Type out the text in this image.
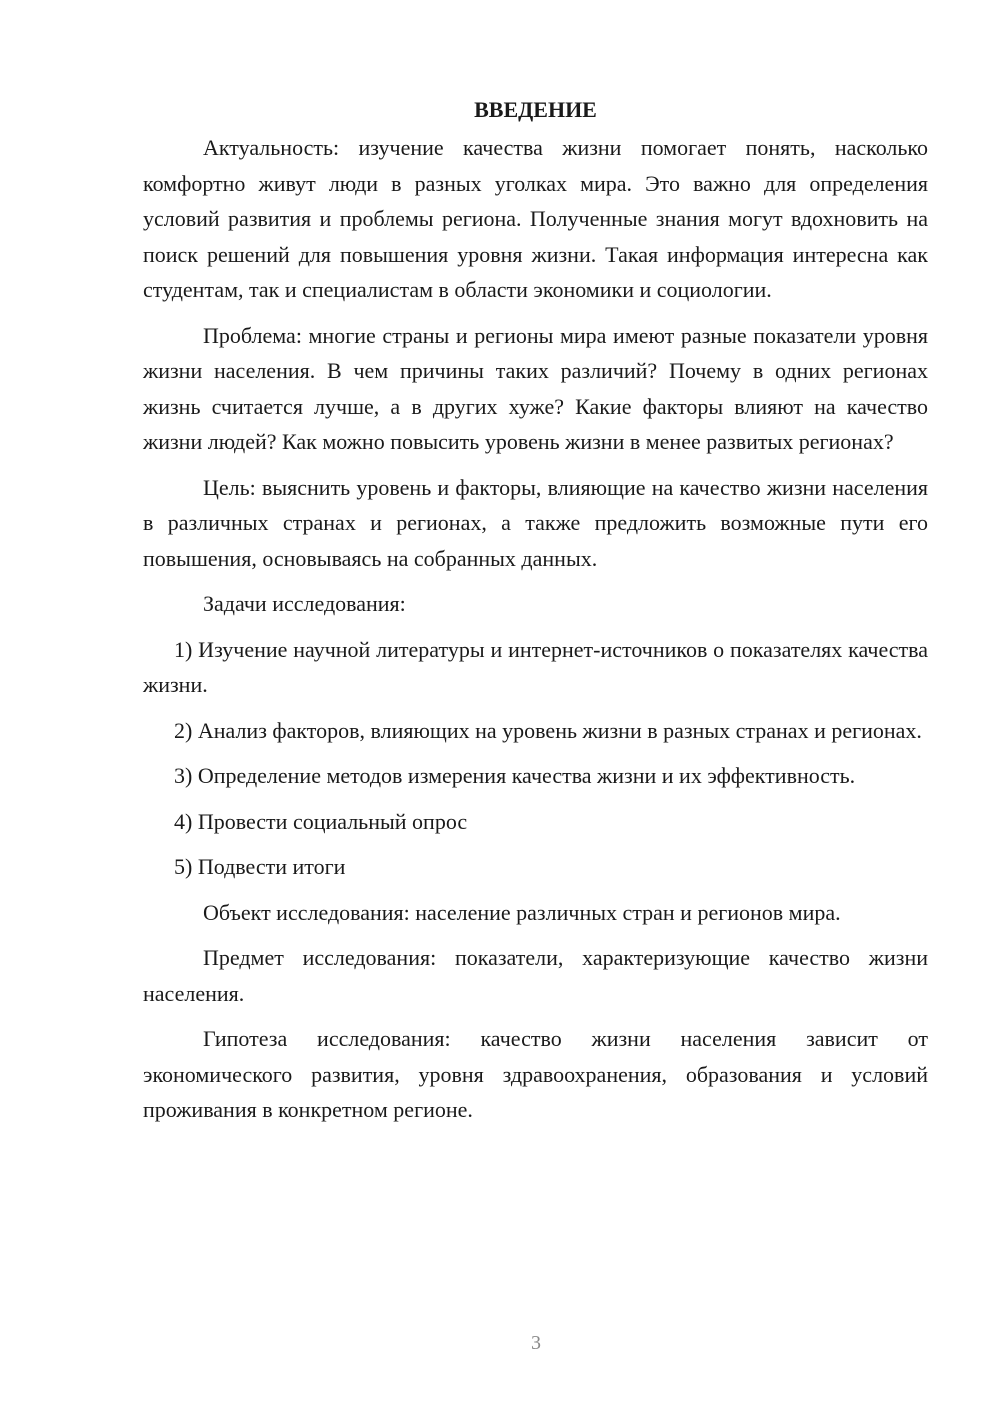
ВВЕДЕНИЕ

Актуальность: изучение качества жизни помогает понять, насколько комфортно живут люди в разных уголках мира. Это важно для определения условий развития и проблемы региона. Полученные знания могут вдохновить на поиск решений для повышения уровня жизни. Такая информация интересна как студентам, так и специалистам в области экономики и социологии.

Проблема: многие страны и регионы мира имеют разные показатели уровня жизни населения. В чем причины таких различий? Почему в одних регионах жизнь считается лучше, а в других хуже? Какие факторы влияют на качество жизни людей? Как можно повысить уровень жизни в менее развитых регионах?

Цель: выяснить уровень и факторы, влияющие на качество жизни населения в различных странах и регионах, а также предложить возможные пути его повышения, основываясь на собранных данных.

Задачи исследования:

1) Изучение научной литературы и интернет-источников о показателях качества жизни.

2) Анализ факторов, влияющих на уровень жизни в разных странах и регионах.

3) Определение методов измерения качества жизни и их эффективность.

4) Провести социальный опрос

5) Подвести итоги

Объект исследования: население различных стран и регионов мира.

Предмет исследования: показатели, характеризующие качество жизни населения.

Гипотеза исследования: качество жизни населения зависит от экономического развития, уровня здравоохранения, образования и условий проживания в конкретном регионе.

3
